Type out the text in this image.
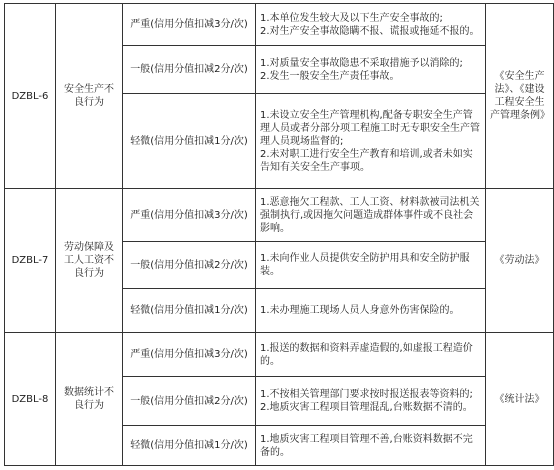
DZBL-6	安全生产不良行为	严重(信用分值扣减3分/次)	1.本单位发生较大及以下生产安全事故的;
2.对生产安全事故隐瞒不报、谎报或拖延不报的。	《安全生产法》、《建设工程安全生产管理条例》
		一般(信用分值扣减2分/次)	1.对质量安全事故隐患不采取措施予以消除的;
2.发生一般安全生产责任事故。	

		轻微(信用分值扣减1分/次)	1.未设立安全生产管理机构,配备专职安全生产管理人员或者分部分项工程施工时无专职安全生产管理人员现场监督的;
2.未对职工进行安全生产教育和培训,或者未如实告知有关安全生产事项。	

DZBL-7	劳动保障及工人工资不良行为	严重(信用分值扣减3分/次)	1.恶意拖欠工程款、工人工资、材料款被司法机关强制执行,或因拖欠问题造成群体事件或不良社会影响。	《劳动法》
		一般(信用分值扣减2分/次)	1.未向作业人员提供安全防护用具和安全防护服装。	

		轻微(信用分值扣减1分/次)	1.未办理施工现场人员人身意外伤害保险的。	

DZBL-8	数据统计不良行为	严重(信用分值扣减3分/次)	1.报送的数据和资料弄虚造假的,如虚报工程造价的。	《统计法》
		一般(信用分值扣减2分/次)	1.不按相关管理部门要求按时报送报表等资料的;
2.地质灾害工程项目管理混乱,台账数据不清的。	

		轻微(信用分值扣减1分/次)	1.地质灾害工程项目管理不善,台账资料数据不完备的。	
